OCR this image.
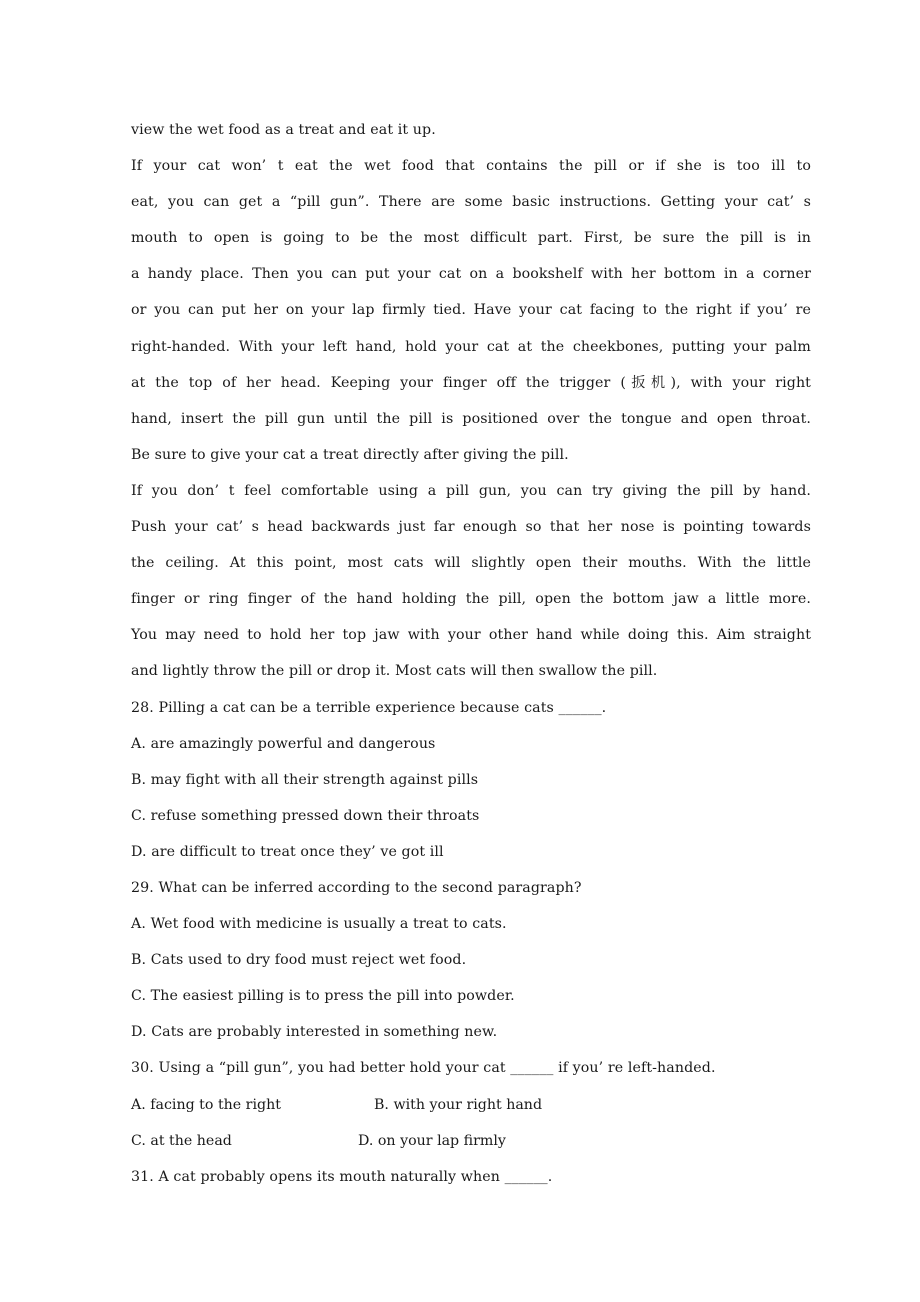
view the wet food as a treat and eat it up.
If your cat won’ t eat the wet food that contains the pill or if she is too ill to
eat, you can get a “pill gun”. There are some basic instructions. Getting your cat’ s
mouth to open is going to be the most difficult part. First, be sure the pill is in
a handy place. Then you can put your cat on a bookshelf with her bottom in a corner
or you can put her on your lap firmly tied. Have your cat facing to the right if you’ re
right-handed. With your left hand, hold your cat at the cheekbones, putting your palm
at the top of her head. Keeping your finger off the trigger (扳机), with your right
hand, insert the pill gun until the pill is positioned over the tongue and open throat.
Be sure to give your cat a treat directly after giving the pill.
If you don’ t feel comfortable using a pill gun, you can try giving the pill by hand.
Push your cat’ s head backwards just far enough so that her nose is pointing towards
the ceiling. At this point, most cats will slightly open their mouths. With the little
finger or ring finger of the hand holding the pill, open the bottom jaw a little more.
You may need to hold her top jaw with your other hand while doing this. Aim straight
and lightly throw the pill or drop it. Most cats will then swallow the pill.
28. Pilling a cat can be a terrible experience because cats ______.
A. are amazingly powerful and dangerous
B. may fight with all their strength against pills
C. refuse something pressed down their throats
D. are difficult to treat once they’ ve got ill
29. What can be inferred according to the second paragraph?
A. Wet food with medicine is usually a treat to cats.
B. Cats used to dry food must reject wet food.
C. The easiest pilling is to press the pill into powder.
D. Cats are probably interested in something new.
30. Using a “pill gun”, you had better hold your cat ______ if you’ re left-handed.

A. facing to the right

	B. with your right hand

C. at the head

	D. on your lap firmly

31. A cat probably opens its mouth naturally when ______.
